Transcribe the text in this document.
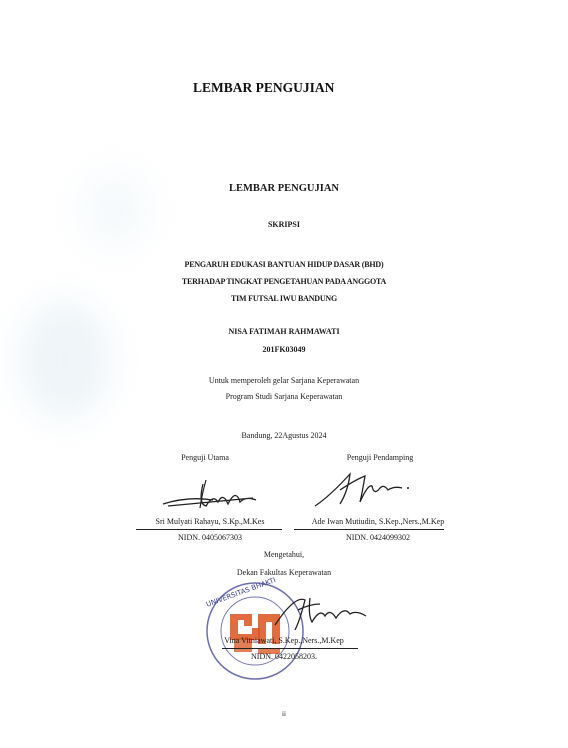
LEMBAR PENGUJIAN
LEMBAR PENGUJIAN
SKRIPSI
PENGARUH EDUKASI BANTUAN HIDUP DASAR (BHD)
TERHADAP TINGKAT PENGETAHUAN PADA ANGGOTA
TIM FUTSAL IWU BANDUNG
NISA FATIMAH RAHMAWATI
201FK03049
Untuk memperoleh gelar Sarjana Keperawatan
Program Studi Sarjana Keperawatan
Bandung, 22Agustus 2024
Penguji Utama	Penguji Pendamping
Sri Mulyati Rahayu, S.Kp.,M.Kes	Ade Iwan Mutiudin, S.Kep.,Ners.,M.Kep
NIDN. 0405067303	NIDN. 0424099302
Mengetahui,
Dekan Fakultas Keperawatan
UNIVERSITAS BHAKTI
Vina Vitniawati, S.Kep.,Ners.,M.Kep
NIDN. 0422058203.
ii
